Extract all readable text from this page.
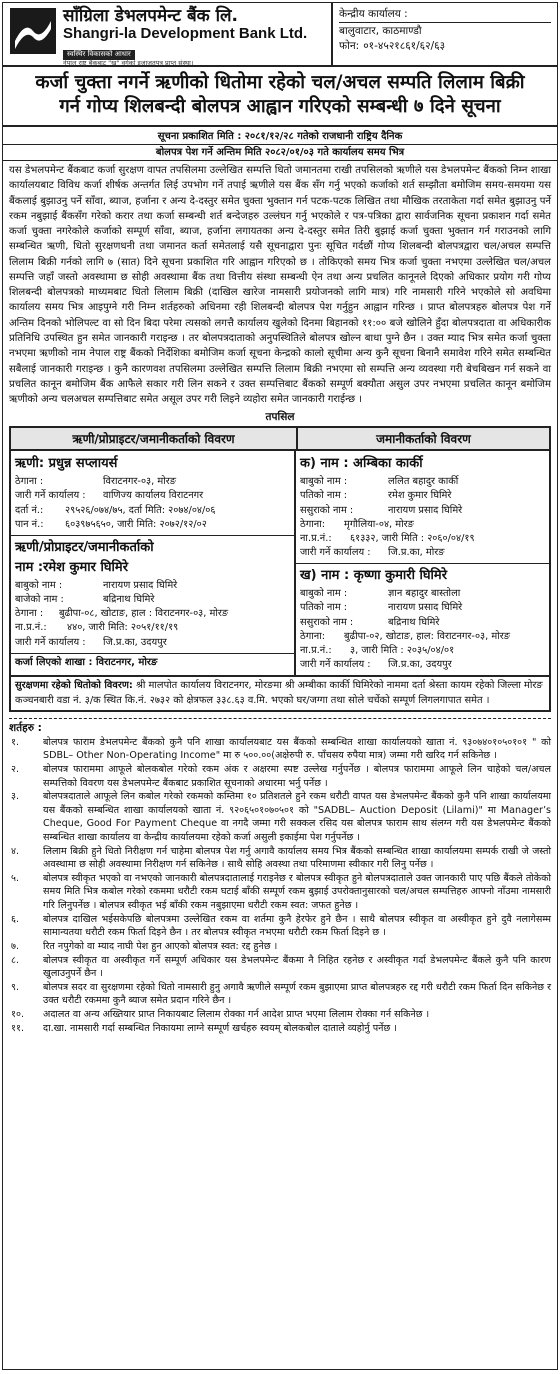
साँग्रिला डेभलपमेन्ट बैंक लि.
Shangri-la Development Bank Ltd.
स्वस्थिर विकासको आधार
नेपाल राष्ट्र बैंकबाट "ख" वर्गको इजाजतपत्र प्राप्त संस्था।
केन्द्रीय कार्यालय :
बालुवाटार, काठमाण्डौ
फोन: ०१-४५२१८६१/६२/६३
कर्जा चुक्ता नगर्ने ऋणीको धितोमा रहेको चल/अचल सम्पति लिलाम बिक्री
गर्न गोप्य शिलबन्दी बोलपत्र आह्वान गरिएको सम्बन्धी ७ दिने सूचना
सूचना प्रकाशित मिति : २०८१/१२/२८ गतेको राजधानी राष्ट्रिय दैनिक
बोलपत्र पेश गर्ने अन्तिम मिति २०८२/०१/०३ गते कार्यालय समय भित्र

यस डेभलपमेन्ट बैंकबाट कर्जा सुरक्षण वापत तपसिलमा उल्लेखित सम्पत्ति धितो जमानतमा राखी तपसिलको ऋणीले यस डेभलपमेन्ट बैंकको निम्न शाखा कार्यालयबाट विविध कर्जा शीर्षक अन्तर्गत लिई उपभोग गर्ने तपाई ऋणीले यस बैंक सँग गर्नु भएको कर्जाको शर्त सम्झौता बमोजिम समय-समयमा यस बैंकलाई बुझाउनु पर्ने साँवा, ब्याज, हर्जाना र अन्य दे-दस्तुर समेत चुक्ता भुक्तान गर्न पटक-पटक लिखित तथा मौखिक तरताकेता गर्दा समेत बुझाउनु पर्ने रकम नबुझाई बैंकसँग गरेको करार तथा कर्जा सम्बन्धी शर्त बन्देजहरु उल्लंघन गर्नु भएकोले र पत्र-पत्रिका द्वारा सार्वजनिक सूचना प्रकाशन गर्दा समेत कर्जा चुक्ता नगरेकोले कर्जाको सम्पूर्ण साँवा, ब्याज, हर्जाना लगायतका अन्य दे-दस्तुर समेत तिरी बुझाई कर्जा चुक्ता भुक्तान गर्न गराउनको लागि सम्बन्धित ऋणी, धितो सुरक्षणधनी तथा जमानत कर्ता समेतलाई यसै सूचनाद्वारा पुनः सूचित गर्दछौं गोप्य शिलबन्दी बोलपत्रद्वारा चल/अचल सम्पत्ति लिलाम बिक्री गर्नको लागि ७ (सात) दिने सूचना प्रकाशित गरि आह्वान गरिएको छ । तोकिएको समय भित्र कर्जा चुक्ता नभएमा उल्लेखित चल/अचल सम्पत्ति जहाँ जस्तो अवस्थामा छ सोही अवस्थामा बैंक तथा वित्तीय संस्था सम्बन्धी ऐन तथा अन्य प्रचलित कानूनले दिएको अधिकार प्रयोग गरी गोप्य शिलबन्दी बोलपत्रको माध्यमबाट धितो लिलाम बिक्री (दाखिल खारेज नामसारी प्रयोजनको लागि मात्र) गरि नामसारी गरिने भएकोले सो अवधिमा कार्यालय समय भित्र आइपुग्ने गरी निम्न शर्तहरुको अधिनमा रही शिलबन्दी बोलपत्र पेश गर्नुहुन आह्वान गरिन्छ । प्राप्त बोलपत्रहरु बोलपत्र पेश गर्ने अन्तिम दिनको भोलिपल्ट वा सो दिन बिदा परेमा त्यसको लगत्तै कार्यालय खुलेको दिनमा बिहानको ११:०० बजे खोलिने हुँदा बोलपत्रदाता वा अधिकारीक प्रतिनिधि उपस्थित हुन समेत जानकारी गराइन्छ । तर बोलपत्रदाताको अनुपस्थितिले बोलपत्र खोल्न बाधा पुग्ने छैन । उक्त म्याद भित्र समेत कर्जा चुक्ता नभएमा ऋणीको नाम नेपाल राष्ट्र बैंकको निर्देशिका बमोजिम कर्जा सूचना केन्द्रको कालो सूचीमा अन्य कुनै सूचना बिनानै समावेश गरिने समेत सम्बन्धित सबैलाई जानकारी गराइन्छ । कुनै कारणवश तपसिलमा उल्लेखित सम्पत्ति लिलाम बिक्री नभएमा सो सम्पत्ति अन्य व्यवस्था गरी बेचबिखन गर्न सकने वा प्रचलित कानून बमोजिम बैंक आफैले सकार गरी लिन सकने र उक्त सम्पत्तिबाट बैंकको सम्पूर्ण बक्यौता असुल उपर नभएमा प्रचलित कानून बमोजिम ऋणीको अन्य चलअचल सम्पत्तिबाट समेत असूल उपर गरी लिइने व्यहोरा समेत जानकारी गराईन्छ ।

तपसिल
ऋणी/प्रोप्राइटर/जमानीकर्ताको विवरण	जमानीकर्ताको विवरण
ऋणी: प्रधुन्न सप्लायर्स
ठेगाना :	विराटनगर-०३, मोरङ
जारी गर्ने कार्यालय :	वाणिज्य कार्यालय विराटनगर
दर्ता नं.:	२९५२६/०७४/७५, दर्ता मिति: २०७४/०४/०६
पान नं.:	६०३९७५६५०, जारी मिति: २०७२/१२/०२
ऋणी/प्रोप्राइटर/जमानीकर्ताको
नाम :रमेश कुमार घिमिरे
बाबुको नाम :	नारायण प्रसाद घिमिरे
बाजेको नाम :	बद्रिनाथ घिमिरे
ठेगाना :	बुढीपा-०८, खोटाङ, हाल : विराटनगर-०३, मोरङ
ना.प्र.नं.:	४४०, जारी मिति: २०५१/११/१९
जारी गर्ने कार्यालय :	जि.प्र.का, उदयपुर
कर्जा लिएको शाखा : विराटनगर, मोरङ
क) नाम : अम्बिका कार्की
बाबुको नाम :	ललित बहादुर कार्की
पतिको नाम :	रमेश कुमार घिमिरे
ससुराको नाम :	नारायण प्रसाद घिमिरे
ठेगाना:	मृगौलिया-०४, मोरङ
ना.प्र.नं.:	६१३३२, जारी मिति : २०६०/०४/१९
जारी गर्ने कार्यालय :	जि.प्र.का, मोरङ
ख) नाम : कृष्णा कुमारी घिमिरे
बाबुको नाम :	ज्ञान बहादुर बास्तोला
पतिको नाम :	नारायण प्रसाद घिमिरे
ससुराको नाम :	बद्रिनाथ घिमिरे
ठेगाना:	बुढीपा-०२, खोटाङ, हाल: विराटनगर-०३, मोरङ
ना.प्र.नं.:	३, जारी मिति : २०३५/०४/०१
जारी गर्ने कार्यालय :	जि.प्र.का, उदयपुर
सुरक्षणमा रहेको धितोको विवरण: श्री मालपोत कार्यालय विराटनगर, मोरङमा श्री अम्बीका कार्की घिमिरेको नाममा दर्ता श्रेस्ता कायम रहेको जिल्ला मोरङ कञ्चनबारी वडा नं. ३/क स्थित कि.नं. २७३२ को क्षेत्रफल ३३८.६३ व.मि. भएको घर/जग्गा तथा सोले चर्चेको सम्पूर्ण लिगलगापात समेत ।
शर्तहरु :
१.	बोलपत्र फाराम डेभलपमेन्ट बैंकको कुनै पनि शाखा कार्यालयबाट यस बैंकको सम्बन्धित शाखा कार्यालयको खाता नं. ९३०७४०१०५०१०१ " को SDBL– Other Non-Operating Income" मा रु ५००.००(अक्षेरुपी रु. पाँचसय रुपैया मात्र) जम्मा गरी खरिद गर्न सकिनेछ ।
२.	बोलपत्र फाराममा आफूले बोलकबोल गरेको रकम अंक र अक्षरमा स्पष्ट उल्लेख गर्नुपर्नेछ । बोलपत्र फाराममा आफूले लिन चाहेको चल/अचल सम्पत्तिको विवरण यस डेभलपमेन्ट बैंकबाट प्रकाशित सूचनाको अधारमा भर्नु पर्नेछ ।
३.	बोलपत्रदाताले आफूले लिन कबोल गरेको रकमको कम्तिमा १० प्रतिशतले हुने रकम धरौटी वापत यस डेभलपमेन्ट बैंकको कुनै पनि शाखा कार्यालयमा यस बैंकको सम्बन्धित शाखा कार्यालयको खाता नं. ९२०६५०१०७०५०१ को "SADBL– Auction Deposit (Lilami)" मा Manager’s Cheque, Good For Payment Cheque वा नगदै जम्मा गरी सक्कल रसिद यस बोलपत्र फाराम साथ संलग्न गरी यस डेभलपमेन्ट बैंकको सम्बन्धित शाखा कार्यालय वा केन्द्रीय कार्यालयमा रहेको कर्जा असुली इकाईमा पेश गर्नुपर्नेछ ।
४.	लिलाम बिक्री हुने धितो निरीक्षण गर्न चाहेमा बोलपत्र पेश गर्नु अगावै कार्यालय समय भित्र बैंकको सम्बन्धित शाखा कार्यालयमा सम्पर्क राखी जे जस्तो अवस्थामा छ सोही अवस्थामा निरीक्षण गर्न सकिनेछ । साथै सोहि अवस्था तथा परिमाणमा स्वीकार गरी लिनु पर्नेछ ।
५.	बोलपत्र स्वीकृत भएको वा नभएको जानकारी बोलपत्रदातालाई गराइनेछ र बोलपत्र स्वीकृत हुने बोलपत्रदाताले उक्त जानकारी पाए पछि बैंकले तोकेको समय मिति भित्र कबोल गरेको रकममा धरौटी रकम घटाई बाँकी सम्पूर्ण रकम बुझाई उपरोक्तानुसारको चल/अचल सम्पत्तिहरु आफ्नो नाँउमा नामसारी गरि लिनुपर्नेछ । बोलपत्र स्वीकृत भई बाँकी रकम नबुझाएमा धरौटी रकम स्वत: जफत हुनेछ ।
६.	बोलपत्र दाखिल भईसकेपछि बोलपत्रमा उल्लेखित रकम वा शर्तमा कुनै हेरफेर हुने छैन । साथै बोलपत्र स्वीकृत वा अस्वीकृत हुने दुवै नलागेसम्म सामान्यतया धरौटी रकम फिर्ता दिइने छैन । तर बोलपत्र स्वीकृत नभएमा धरौटी रकम फिर्ता दिइने छ ।
७.	रित नपुगेको वा म्याद नाघी पेश हुन आएको बोलपत्र स्वत: रद्द हुनेछ ।
८.	बोलपत्र स्वीकृत वा अस्वीकृत गर्ने सम्पूर्ण अधिकार यस डेभलपमेन्ट बैंकमा नै निहित रहनेछ र अस्वीकृत गर्दा डेभलपमेन्ट बैंकले कुनै पनि कारण खुलाउनुपर्ने छैन ।
९.	बोलपत्र सदर वा सुरक्षणमा रहेको धितो नामसारी हुनु अगावै ऋणीले सम्पूर्ण रकम बुझाएमा प्राप्त बोलपत्रहरु रद्द गरी धरौटी रकम फिर्ता दिन सकिनेछ र उक्त धरौटी रकममा कुनै ब्याज समेत प्रदान गरिने छैन ।
१०.	अदालत वा अन्य अख्तियार प्राप्त निकायबाट लिलाम रोक्का गर्न आदेश प्राप्त भएमा लिलाम रोक्का गर्न सकिनेछ ।
११.	दा.खा. नामसारी गर्दा सम्बन्धित निकायमा लाग्ने सम्पूर्ण खर्चहरु स्वयम् बोलकबोल दाताले व्यहोर्नु पर्नेछ ।
